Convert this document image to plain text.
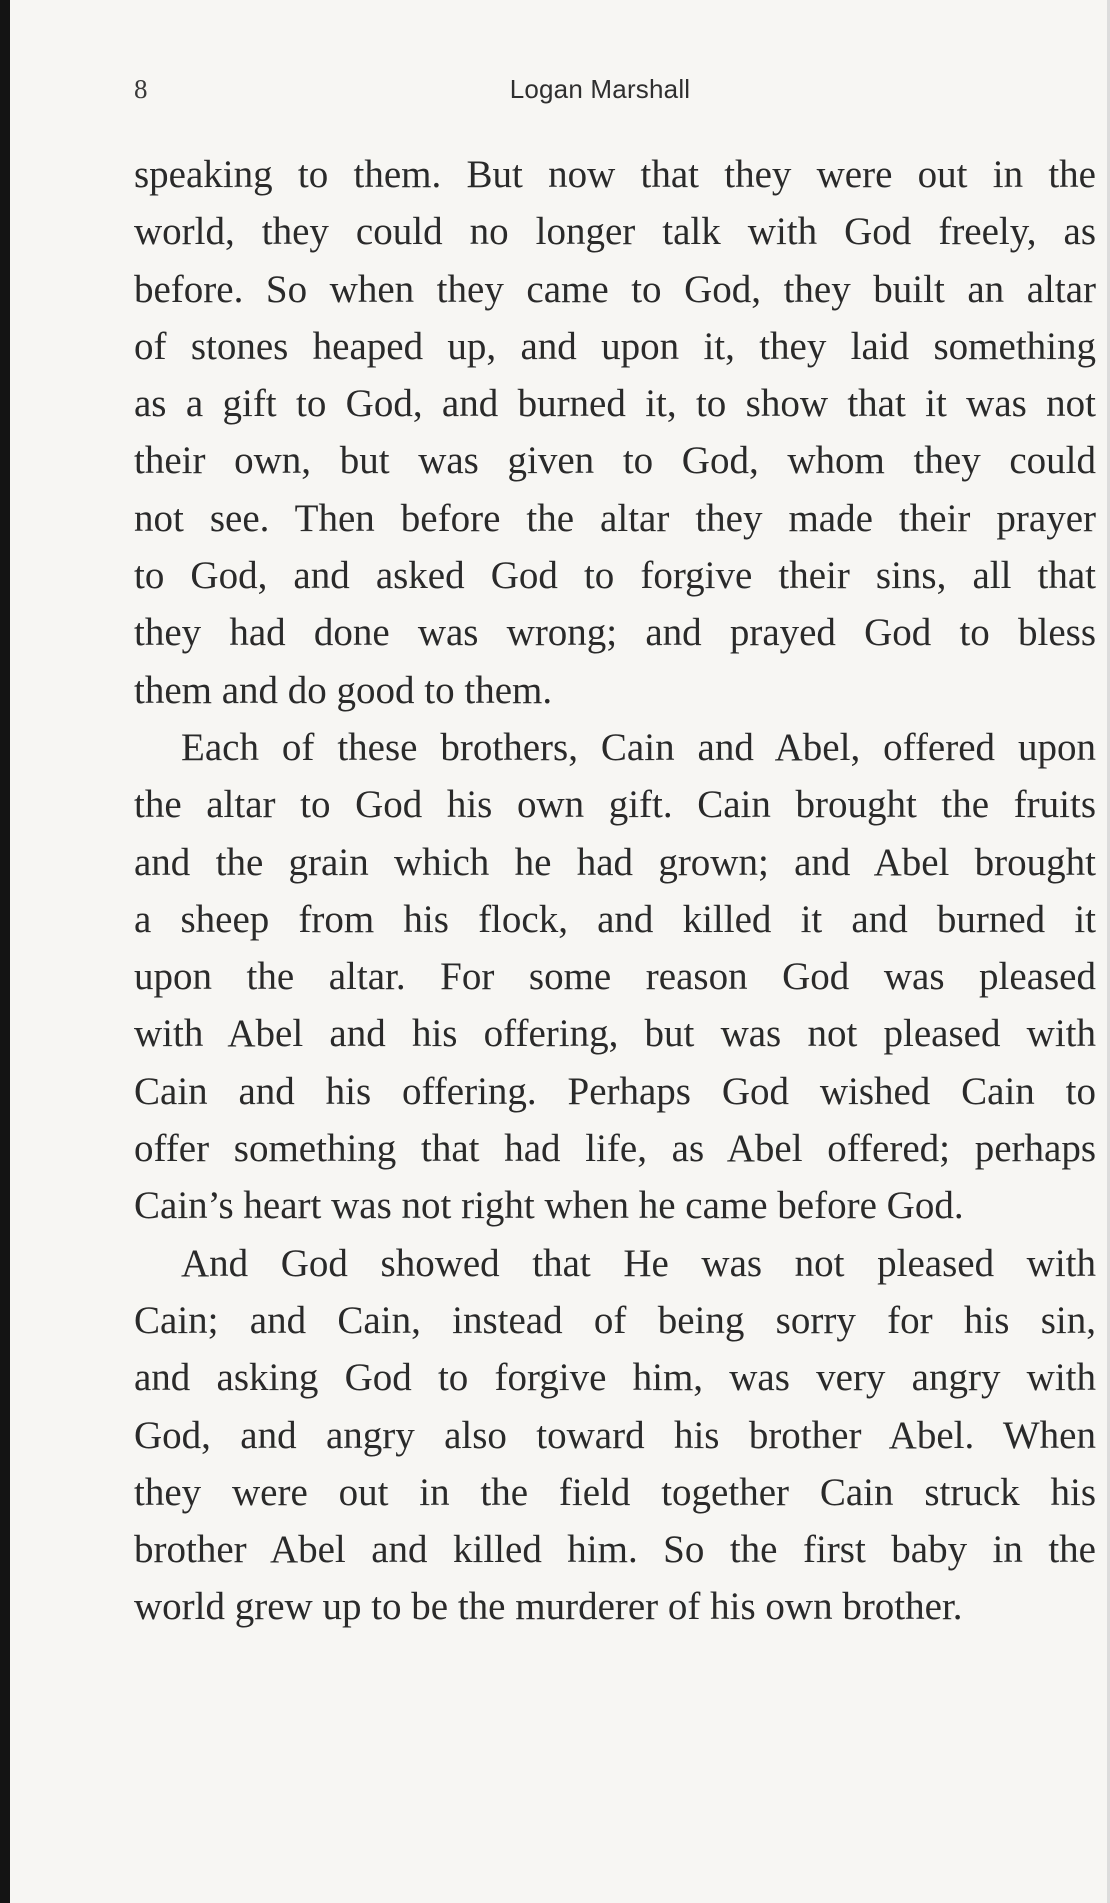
8	Logan Marshall
speaking to them. But now that they were out in the
world, they could no longer talk with God freely, as
before. So when they came to God, they built an altar
of stones heaped up, and upon it, they laid something
as a gift to God, and burned it, to show that it was not
their own, but was given to God, whom they could
not see. Then before the altar they made their prayer
to God, and asked God to forgive their sins, all that
they had done was wrong; and prayed God to bless
them and do good to them.
Each of these brothers, Cain and Abel, offered upon
the altar to God his own gift. Cain brought the fruits
and the grain which he had grown; and Abel brought
a sheep from his flock, and killed it and burned it
upon the altar. For some reason God was pleased
with Abel and his offering, but was not pleased with
Cain and his offering. Perhaps God wished Cain to
offer something that had life, as Abel offered; perhaps
Cain’s heart was not right when he came before God.
And God showed that He was not pleased with
Cain; and Cain, instead of being sorry for his sin,
and asking God to forgive him, was very angry with
God, and angry also toward his brother Abel. When
they were out in the field together Cain struck his
brother Abel and killed him. So the first baby in the
world grew up to be the murderer of his own brother.
